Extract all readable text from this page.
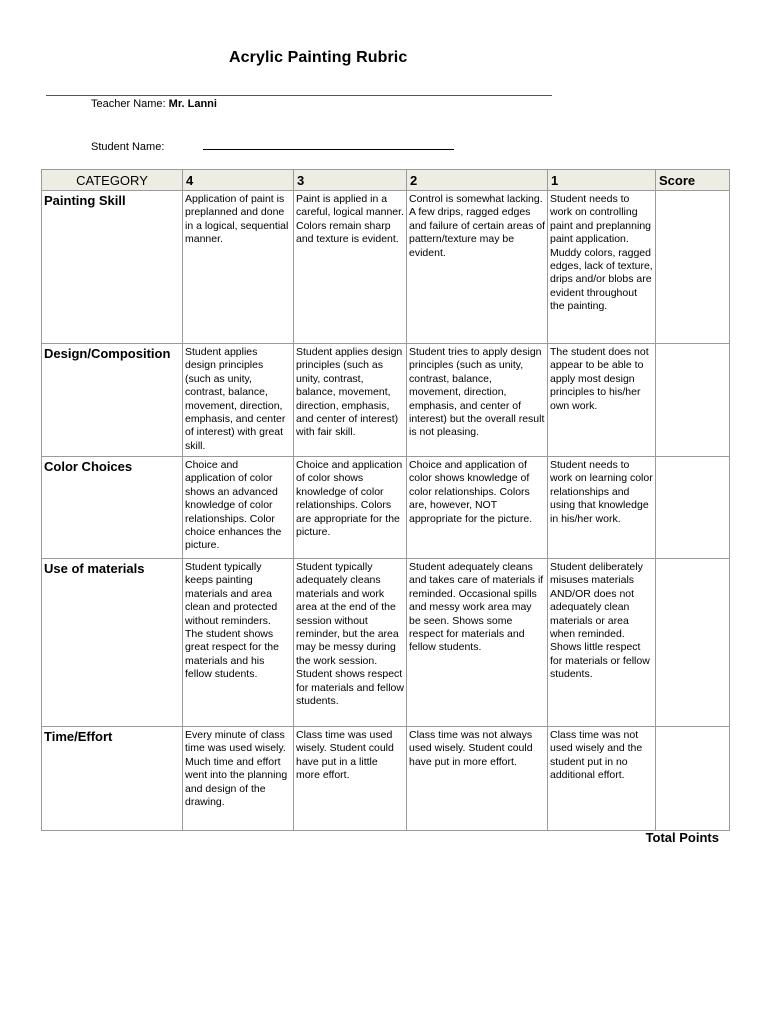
Acrylic Painting Rubric
Teacher Name: Mr. Lanni
Student Name:
CATEGORY	4	3	2	1	Score
Painting Skill	Application of paint is preplanned and done in a logical, sequential manner.	Paint is applied in a careful, logical manner. Colors remain sharp and texture is evident.	Control is somewhat lacking. A few drips, ragged edges and failure of certain areas of pattern/texture may be evident.	Student needs to work on controlling paint and preplanning paint application. Muddy colors, ragged edges, lack of texture, drips and/or blobs are evident throughout the painting.	
Design/Composition	Student applies design principles (such as unity, contrast, balance, movement, direction, emphasis, and center of interest) with great skill.	Student applies design principles (such as unity, contrast, balance, movement, direction, emphasis, and center of interest) with fair skill.	Student tries to apply design principles (such as unity, contrast, balance, movement, direction, emphasis, and center of interest) but the overall result is not pleasing.	The student does not appear to be able to apply most design principles to his/her own work.	
Color Choices	Choice and application of color shows an advanced knowledge of color relationships. Color choice enhances the picture.	Choice and application of color shows knowledge of color relationships. Colors are appropriate for the picture.	Choice and application of color shows knowledge of color relationships. Colors are, however, NOT appropriate for the picture.	Student needs to work on learning color relationships and using that knowledge in his/her work.	
Use of materials	Student typically keeps painting materials and area clean and protected without reminders. The student shows great respect for the materials and his fellow students.	Student typically adequately cleans materials and work area at the end of the session without reminder, but the area may be messy during the work session. Student shows respect for materials and fellow students.	Student adequately cleans and takes care of materials if reminded. Occasional spills and messy work area may be seen. Shows some respect for materials and fellow students.	Student deliberately misuses materials AND/OR does not adequately clean materials or area when reminded. Shows little respect for materials or fellow students.	
Time/Effort	Every minute of class time was used wisely. Much time and effort went into the planning and design of the drawing.	Class time was used wisely. Student could have put in a little more effort.	Class time was not always used wisely. Student could have put in more effort.	Class time was not used wisely and the student put in no additional effort.	
Total Points
